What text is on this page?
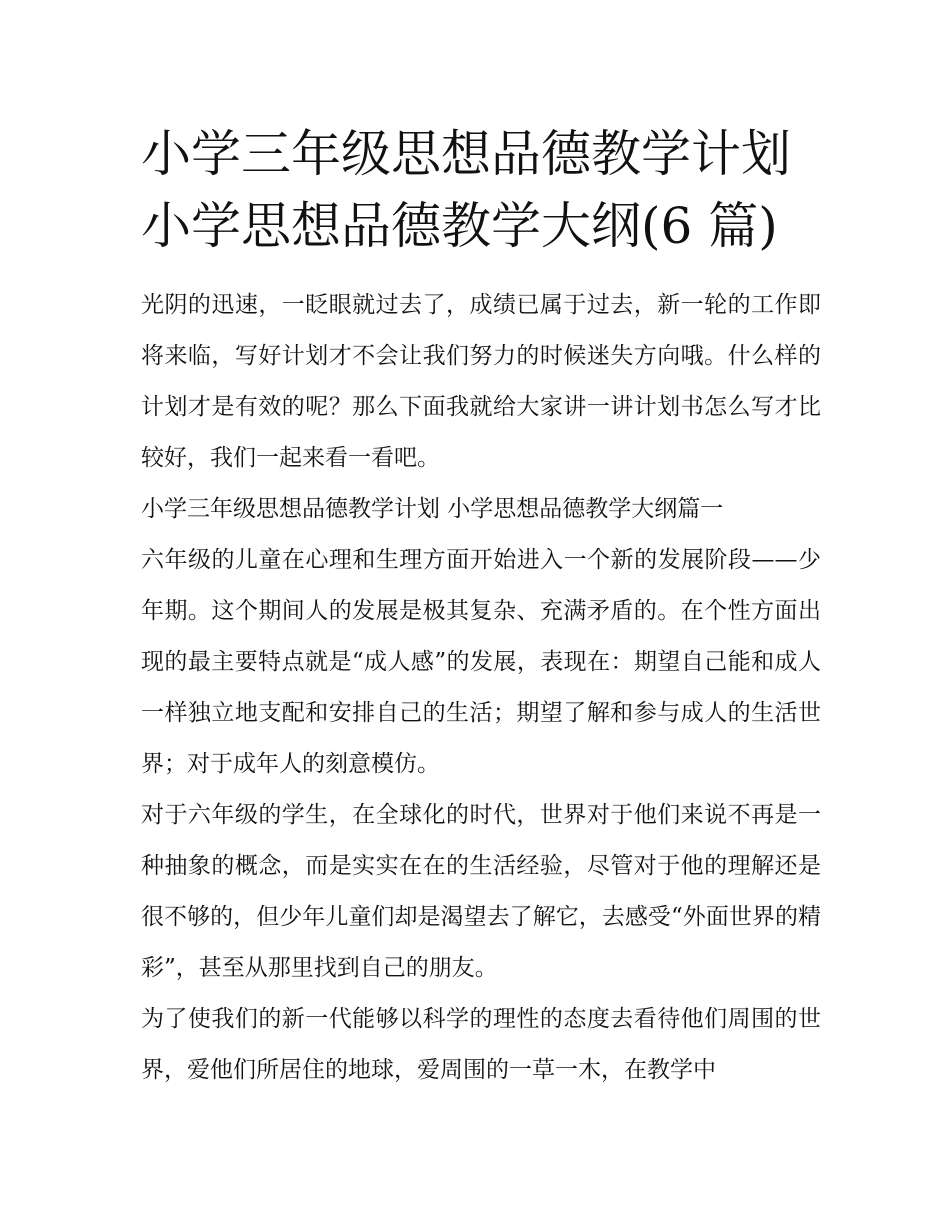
小学三年级思想品德教学计划
小学思想品德教学大纲(6 篇)

光阴的迅速，一眨眼就过去了，成绩已属于过去，新一轮的工作即将来临，写好计划才不会让我们努力的时候迷失方向哦。什么样的计划才是有效的呢？那么下面我就给大家讲一讲计划书怎么写才比较好，我们一起来看一看吧。

小学三年级思想品德教学计划 小学思想品德教学大纲篇一

六年级的儿童在心理和生理方面开始进入一个新的发展阶段——少年期。这个期间人的发展是极其复杂、充满矛盾的。在个性方面出现的最主要特点就是“成人感”的发展，表现在：期望自己能和成人一样独立地支配和安排自己的生活；期望了解和参与成人的生活世界；对于成年人的刻意模仿。

对于六年级的学生，在全球化的时代，世界对于他们来说不再是一种抽象的概念，而是实实在在的生活经验，尽管对于他的理解还是很不够的，但少年儿童们却是渴望去了解它，去感受“外面世界的精彩”，甚至从那里找到自己的朋友。

为了使我们的新一代能够以科学的理性的态度去看待他们周围的世界，爱他们所居住的地球，爱周围的一草一木，在教学中
